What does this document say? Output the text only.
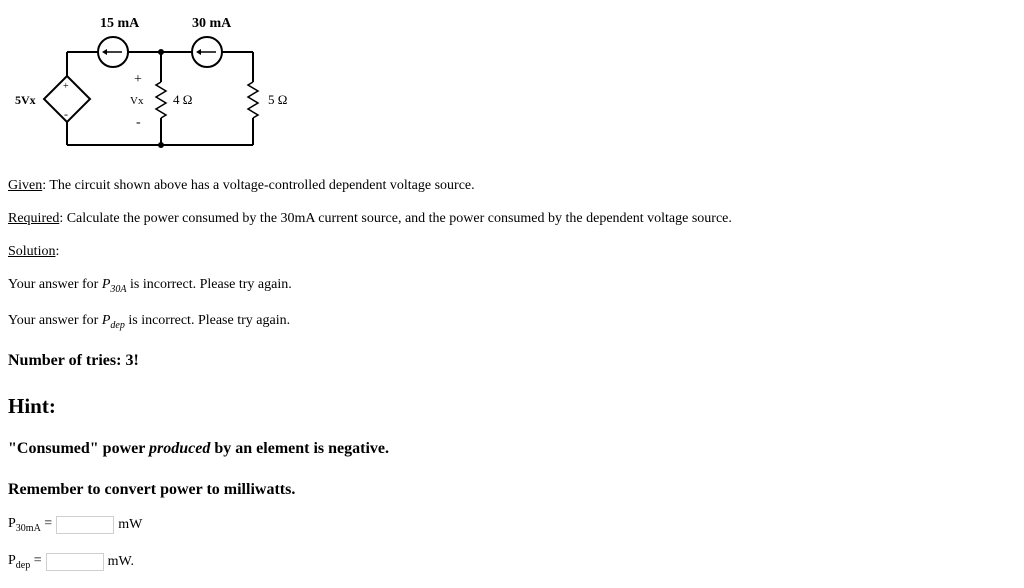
15 mA	30 mA
5Vx
+
-
+
Vx
-
4 Ω	5 Ω
Given: The circuit shown above has a voltage-controlled dependent voltage source.
Required: Calculate the power consumed by the 30mA current source, and the power consumed by the dependent voltage source.
Solution:
Your answer for $P_{30A}$ is incorrect. Please try again.
Your answer for $P_{dep}$ is incorrect. Please try again.
Number of tries: 3!
Hint:
"Consumed" power produced by an element is negative.
Remember to convert power to milliwatts.
$P_{30mA}$ =	mW
$P_{dep}$ =	mW.
